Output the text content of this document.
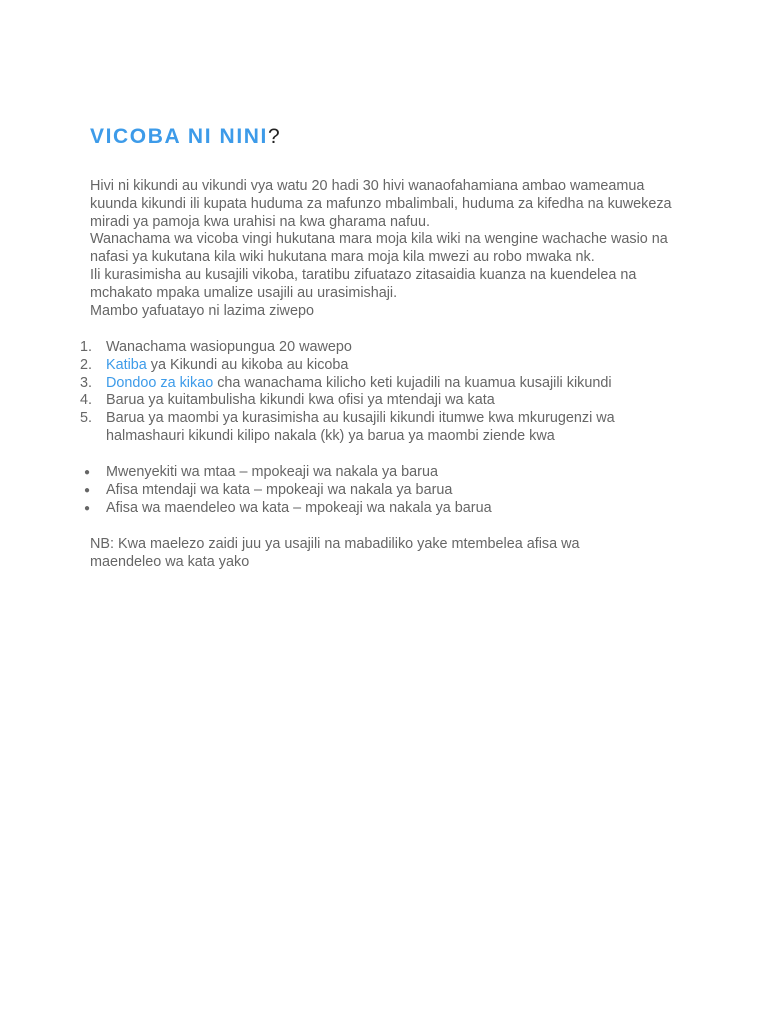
VICOBA NI NINI?

Hivi ni kikundi au vikundi vya watu 20 hadi 30 hivi wanaofahamiana ambao wameamua kuunda kikundi ili kupata huduma za mafunzo mbalimbali, huduma za kifedha na kuwekeza miradi ya pamoja kwa urahisi na kwa gharama nafuu.

Wanachama wa vicoba vingi hukutana mara moja kila wiki na wengine wachache wasio na nafasi ya kukutana kila wiki hukutana mara moja kila mwezi au robo mwaka nk.

Ili kurasimisha au kusajili vikoba, taratibu zifuatazo zitasaidia kuanza na kuendelea na mchakato mpaka umalize usajili au urasimishaji.

Mambo yafuatayo ni lazima ziwepo

1. Wanachama wasiopungua 20 wawepo
2. Katiba ya Kikundi au kikoba au kicoba
3. Dondoo za kikao cha wanachama kilicho keti kujadili na kuamua kusajili kikundi
4. Barua ya kuitambulisha kikundi kwa ofisi ya mtendaji wa kata
5. Barua ya maombi ya kurasimisha au kusajili kikundi itumwe kwa mkurugenzi wa halmashauri kikundi kilipo nakala (kk) ya barua ya maombi ziende kwa
● Mwenyekiti wa mtaa – mpokeaji wa nakala ya barua
● Afisa mtendaji wa kata – mpokeaji wa nakala ya barua
● Afisa wa maendeleo wa kata – mpokeaji wa nakala ya barua

NB: Kwa maelezo zaidi juu ya usajili na mabadiliko yake mtembelea afisa wa maendeleo wa kata yako
